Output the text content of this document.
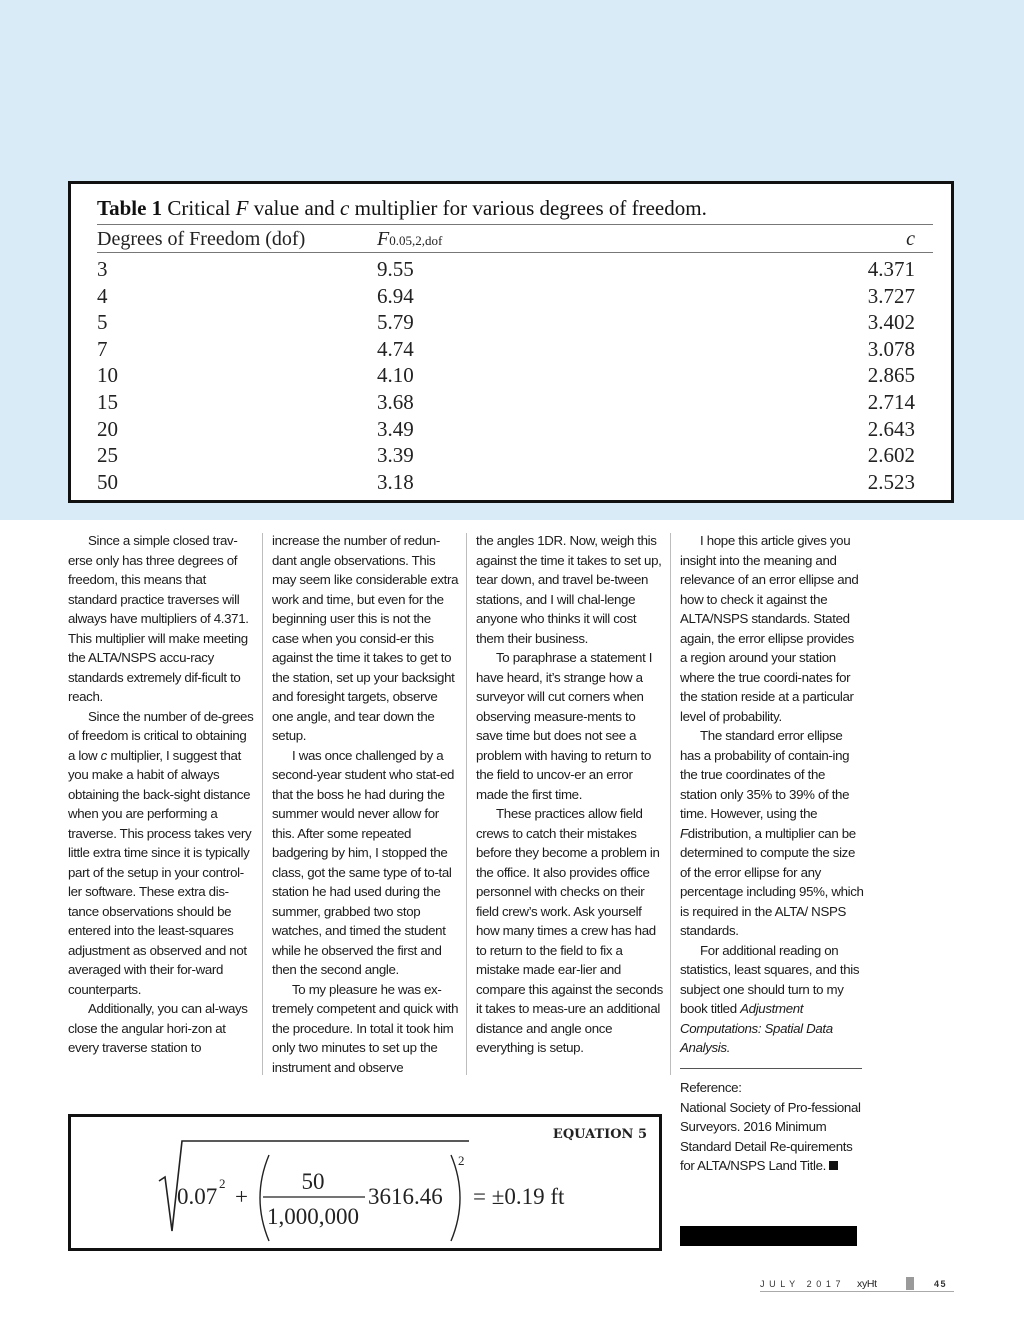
Table 1 Critical F value and c multiplier for various degrees of freedom.
Degrees of Freedom (dof)	F0.05,2,dof	c
3	9.55	4.371
4	6.94	3.727
5	5.79	3.402
7	4.74	3.078
10	4.10	2.865
15	3.68	2.714
20	3.49	2.643
25	3.39	2.602
50	3.18	2.523

Since a simple closed trav-erse only has three degrees of freedom, this means that standard practice traverses will always have multipliers of 4.371. This multiplier will make meeting the ALTA/NSPS accu-racy standards extremely dif-ficult to reach.

Since the number of de-grees of freedom is critical to obtaining a low c multiplier, I suggest that you make a habit of always obtaining the back-sight distance when you are performing a traverse. This process takes very little extra time since it is typically part of the setup in your control-ler software. These extra dis-tance observations should be entered into the least-squares adjustment as observed and not averaged with their for-ward counterparts.

Additionally, you can al-ways close the angular hori-zon at every traverse station to

increase the number of redun-dant angle observations. This may seem like considerable extra work and time, but even for the beginning user this is not the case when you consid-er this against the time it takes to get to the station, set up your backsight and foresight targets, observe one angle, and tear down the setup.

I was once challenged by a second-year student who stat-ed that the boss he had during the summer would never allow for this. After some repeated badgering by him, I stopped the class, got the same type of to-tal station he had used during the summer, grabbed two stop watches, and timed the student while he observed the first and then the second angle.

To my pleasure he was ex-tremely competent and quick with the procedure. In total it took him only two minutes to set up the instrument and observe

the angles 1DR. Now, weigh this against the time it takes to set up, tear down, and travel be-tween stations, and I will chal-lenge anyone who thinks it will cost them their business.

To paraphrase a statement I have heard, it’s strange how a surveyor will cut corners when observing measure-ments to save time but does not see a problem with having to return to the field to uncov-er an error made the first time.

These practices allow field crews to catch their mistakes before they become a problem in the office. It also provides office personnel with checks on their field crew’s work. Ask yourself how many times a crew has had to return to the field to fix a mistake made ear-lier and compare this against the seconds it takes to meas-ure an additional distance and angle once everything is setup.

I hope this article gives you insight into the meaning and relevance of an error ellipse and how to check it against the ALTA/NSPS standards. Stated again, the error ellipse provides a region around your station where the true coordi-nates for the station reside at a particular level of probability.

The standard error ellipse has a probability of contain-ing the true coordinates of the station only 35% to 39% of the time. However, using the Fdistribution, a multiplier can be determined to compute the size of the error ellipse for any percentage including 95%, which is required in the ALTA/ NSPS standards.

For additional reading on statistics, least squares, and this subject one should turn to my book titled Adjustment Computations: Spatial Data Analysis.

Reference:
National Society of Pro-fessional Surveyors. 2016 Minimum Standard Detail Re-quirements for ALTA/NSPS Land Title.
EQUATION 5
0.07
2
+
50
1,000,000
3616.46
2
= ±0.19 ft
JULY 2017 xyHt	45
